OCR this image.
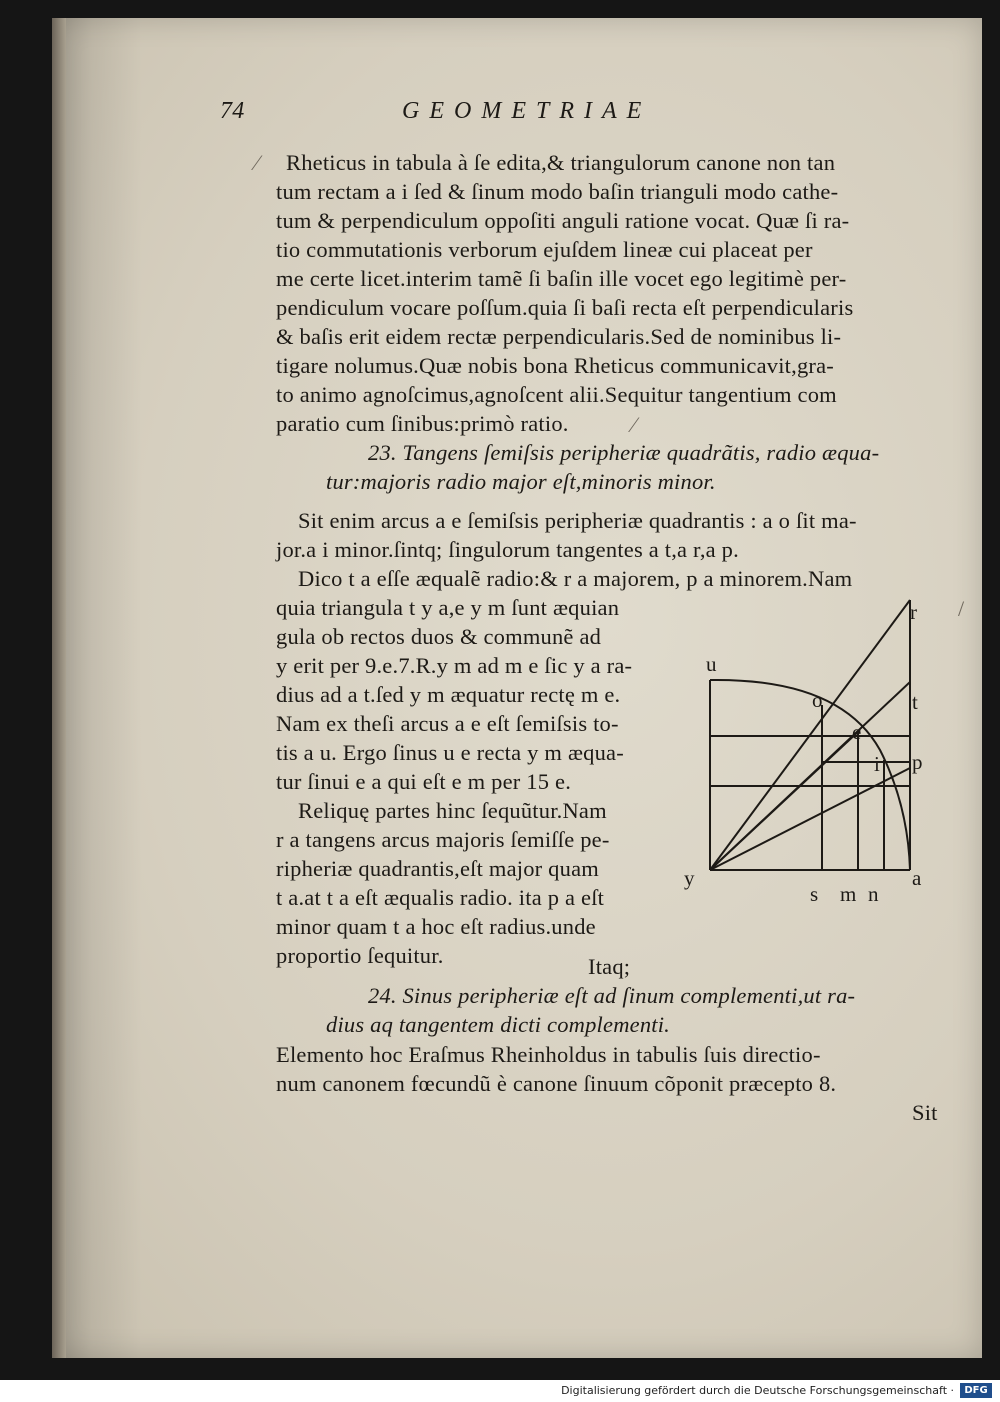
74	GEOMETRIAE
⁄
⁄
/
Rheticus in tabula à ſe edita,& triangulorum canone non tan
tum rectam a i ſed & ſinum modo baſin trianguli modo cathe-
tum & perpendiculum oppoſiti anguli ratione vocat. Quæ ſi ra-
tio commutationis verborum ejuſdem lineæ cui placeat per
me certe licet.interim tamẽ ſi baſin ille vocet ego legitimè per-
pendiculum vocare poſſum.quia ſi baſi recta eſt perpendicularis
& baſis erit eidem rectæ perpendicularis.Sed de nominibus li-
tigare nolumus.Quæ nobis bona Rheticus communicavit,gra-
to animo agnoſcimus,agnoſcent alii.Sequitur tangentium com
paratio cum ſinibus:primò ratio.
23. Tangens ſemiſsis peripheriæ quadrãtis, radio æqua-
tur:majoris radio major eſt,minoris minor.
Sit enim arcus a e ſemiſsis peripheriæ quadrantis : a o ſit ma-
jor.a i minor.ſintq; ſingulorum tangentes a t,a r,a p.
Dico t a eſſe æqualẽ radio:& r a majorem, p a minorem.Nam
quia triangula t y a,e y m ſunt æquian
gula ob rectos duos & communẽ ad
y erit per 9.e.7.R.y m ad m e ſic y a ra-
dius ad a t.ſed y m æquatur rectę m e.
Nam ex theſi arcus a e eſt ſemiſsis to-
tis a u. Ergo ſinus u e recta y m æqua-
tur ſinui e a qui eſt e m per 15 e.
Reliquę partes hinc ſequũtur.Nam
r a tangens arcus majoris ſemiſſe pe-
ripheriæ quadrantis,eſt major quam
t a.at t a eſt æqualis radio. ita p a eſt
minor quam t a hoc eſt radius.unde
proportio ſequitur.
r
t
p
u
o
e
i
y	a
s m n
Itaq;
24. Sinus peripheriæ eſt ad ſinum complementi,ut ra-
dius aq tangentem dicti complementi.
Elemento hoc Eraſmus Rheinholdus in tabulis ſuis directio-
num canonem fœcundũ è canone ſinuum cõponit præcepto 8.
Sit
Digitalisierung gefördert durch die Deutsche Forschungsgemeinschaft ·	DFG
